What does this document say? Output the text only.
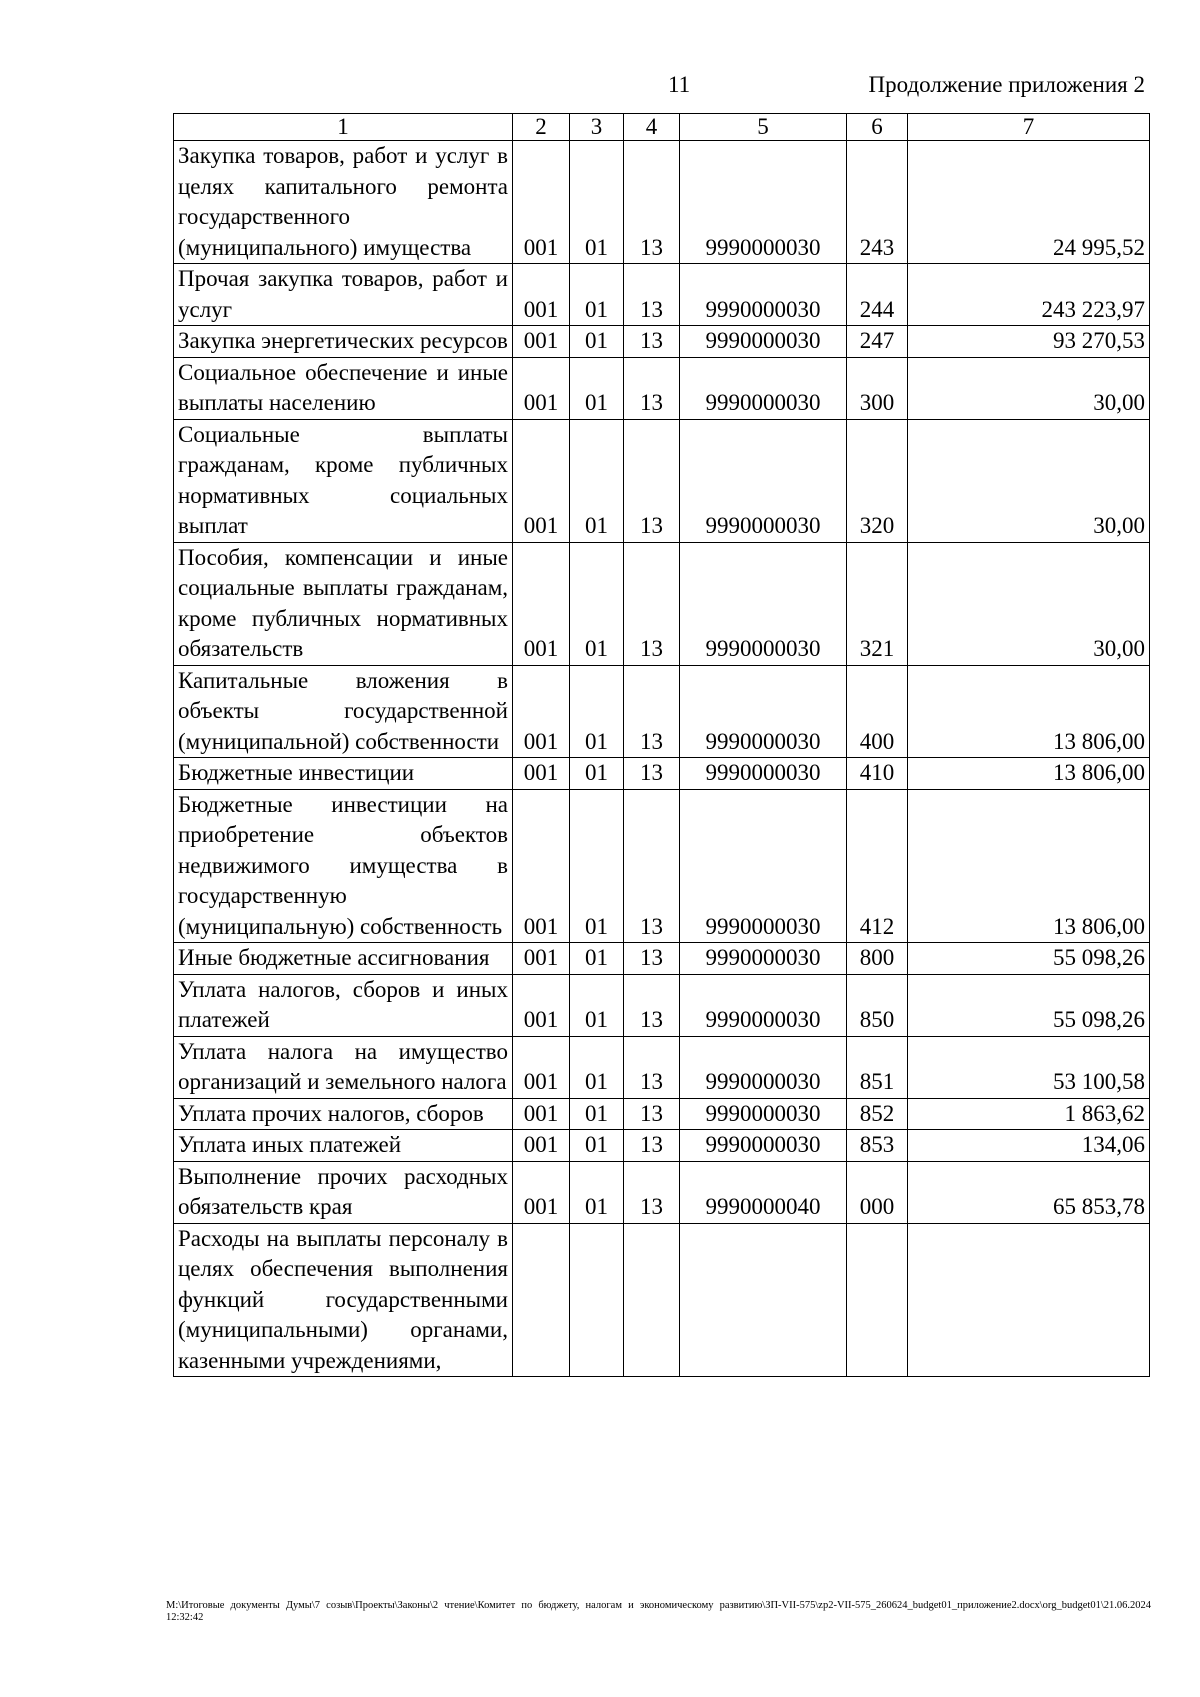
11	Продолжение приложения 2
1	2	3	4	5	6	7
Закупка товаров, работ и услуг в целях капитального ремонта государственного (муниципального) имущества	001	01	13	9990000030	243	24 995,52
Прочая закупка товаров, работ и услуг	001	01	13	9990000030	244	243 223,97
Закупка энергетических ресурсов	001	01	13	9990000030	247	93 270,53
Социальное обеспечение и иные выплаты населению	001	01	13	9990000030	300	30,00
Социальные выплаты гражданам, кроме публичных нормативных социальных выплат	001	01	13	9990000030	320	30,00
Пособия, компенсации и иные социальные выплаты гражданам, кроме публичных нормативных обязательств	001	01	13	9990000030	321	30,00
Капитальные вложения в объекты государственной (муниципальной) собственности	001	01	13	9990000030	400	13 806,00
Бюджетные инвестиции	001	01	13	9990000030	410	13 806,00
Бюджетные инвестиции на приобретение объектов недвижимого имущества в государственную (муниципальную) собственность	001	01	13	9990000030	412	13 806,00
Иные бюджетные ассигнования	001	01	13	9990000030	800	55 098,26
Уплата налогов, сборов и иных платежей	001	01	13	9990000030	850	55 098,26
Уплата налога на имущество организаций и земельного налога	001	01	13	9990000030	851	53 100,58
Уплата прочих налогов, сборов	001	01	13	9990000030	852	1 863,62
Уплата иных платежей	001	01	13	9990000030	853	134,06
Выполнение прочих расходных обязательств края	001	01	13	9990000040	000	65 853,78
Расходы на выплаты персоналу в целях обеспечения выполнения функций государственными (муниципальными) органами, казенными учреждениями,						
M:\Итоговые документы Думы\7 созыв\Проекты\Законы\2 чтение\Комитет по бюджету, налогам и экономическому развитию\ЗП-VII-575\zp2-VII-575_260624_budget01_приложение2.docx\org_budget01\21.06.2024 12:32:42
